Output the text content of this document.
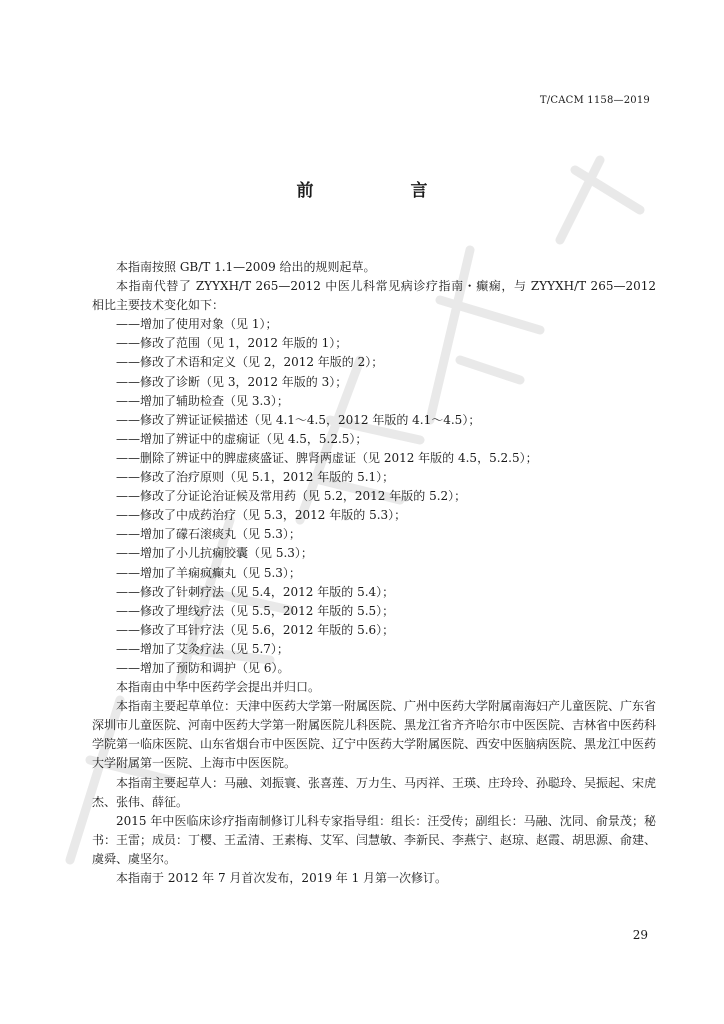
T/CACM 1158—2019
前　言

本指南按照 GB/T 1.1—2009 给出的规则起草。

本指南代替了 ZYYXH/T 265—2012 中医儿科常见病诊疗指南・癫痫，与 ZYYXH/T 265—2012 相比主要技术变化如下：

——增加了使用对象（见 1）；

——修改了范围（见 1，2012 年版的 1）；

——修改了术语和定义（见 2，2012 年版的 2）；

——修改了诊断（见 3，2012 年版的 3）；

——增加了辅助检查（见 3.3）；

——修改了辨证证候描述（见 4.1～4.5，2012 年版的 4.1～4.5）；

——增加了辨证中的虚痫证（见 4.5，5.2.5）；

——删除了辨证中的脾虚痰盛证、脾肾两虚证（见 2012 年版的 4.5，5.2.5）；

——修改了治疗原则（见 5.1，2012 年版的 5.1）；

——修改了分证论治证候及常用药（见 5.2，2012 年版的 5.2）；

——修改了中成药治疗（见 5.3，2012 年版的 5.3）；

——增加了礞石滚痰丸（见 5.3）；

——增加了小儿抗痫胶囊（见 5.3）；

——增加了羊痫疯癫丸（见 5.3）；

——修改了针刺疗法（见 5.4，2012 年版的 5.4）；

——修改了埋线疗法（见 5.5，2012 年版的 5.5）；

——修改了耳针疗法（见 5.6，2012 年版的 5.6）；

——增加了艾灸疗法（见 5.7）；

——增加了预防和调护（见 6）。

本指南由中华中医药学会提出并归口。

本指南主要起草单位：天津中医药大学第一附属医院、广州中医药大学附属南海妇产儿童医院、广东省深圳市儿童医院、河南中医药大学第一附属医院儿科医院、黑龙江省齐齐哈尔市中医医院、吉林省中医药科学院第一临床医院、山东省烟台市中医医院、辽宁中医药大学附属医院、西安中医脑病医院、黑龙江中医药大学附属第一医院、上海市中医医院。

本指南主要起草人：马融、刘振寰、张喜莲、万力生、马丙祥、王瑛、庄玲玲、孙聪玲、吴振起、宋虎杰、张伟、薛征。

2015 年中医临床诊疗指南制修订儿科专家指导组：组长：汪受传；副组长：马融、沈同、俞景茂；秘书：王雷；成员：丁樱、王孟清、王素梅、艾军、闫慧敏、李新民、李燕宁、赵琼、赵霞、胡思源、俞建、虞舜、虞坚尔。

本指南于 2012 年 7 月首次发布，2019 年 1 月第一次修订。

29
